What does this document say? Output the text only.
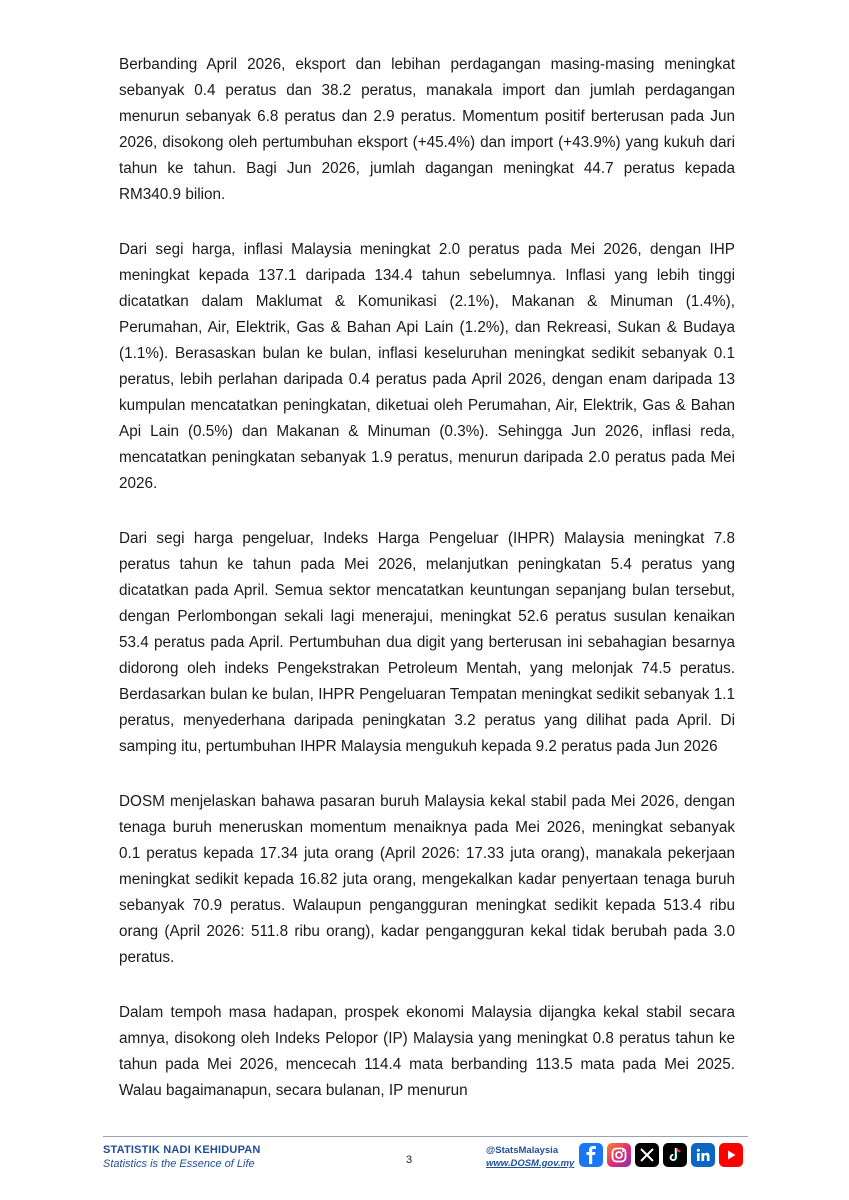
Berbanding April 2026, eksport dan lebihan perdagangan masing-masing meningkat sebanyak 0.4 peratus dan 38.2 peratus, manakala import dan jumlah perdagangan menurun sebanyak 6.8 peratus dan 2.9 peratus. Momentum positif berterusan pada Jun 2026, disokong oleh pertumbuhan eksport (+45.4%) dan import (+43.9%) yang kukuh dari tahun ke tahun. Bagi Jun 2026, jumlah dagangan meningkat 44.7 peratus kepada RM340.9 bilion.

Dari segi harga, inflasi Malaysia meningkat 2.0 peratus pada Mei 2026, dengan IHP meningkat kepada 137.1 daripada 134.4 tahun sebelumnya. Inflasi yang lebih tinggi dicatatkan dalam Maklumat & Komunikasi (2.1%), Makanan & Minuman (1.4%), Perumahan, Air, Elektrik, Gas & Bahan Api Lain (1.2%), dan Rekreasi, Sukan & Budaya (1.1%). Berasaskan bulan ke bulan, inflasi keseluruhan meningkat sedikit sebanyak 0.1 peratus, lebih perlahan daripada 0.4 peratus pada April 2026, dengan enam daripada 13 kumpulan mencatatkan peningkatan, diketuai oleh Perumahan, Air, Elektrik, Gas & Bahan Api Lain (0.5%) dan Makanan & Minuman (0.3%). Sehingga Jun 2026, inflasi reda, mencatatkan peningkatan sebanyak 1.9 peratus, menurun daripada 2.0 peratus pada Mei 2026.

Dari segi harga pengeluar, Indeks Harga Pengeluar (IHPR) Malaysia meningkat 7.8 peratus tahun ke tahun pada Mei 2026, melanjutkan peningkatan 5.4 peratus yang dicatatkan pada April. Semua sektor mencatatkan keuntungan sepanjang bulan tersebut, dengan Perlombongan sekali lagi menerajui, meningkat 52.6 peratus susulan kenaikan 53.4 peratus pada April. Pertumbuhan dua digit yang berterusan ini sebahagian besarnya didorong oleh indeks Pengekstrakan Petroleum Mentah, yang melonjak 74.5 peratus. Berdasarkan bulan ke bulan, IHPR Pengeluaran Tempatan meningkat sedikit sebanyak 1.1 peratus, menyederhana daripada peningkatan 3.2 peratus yang dilihat pada April. Di samping itu, pertumbuhan IHPR Malaysia mengukuh kepada 9.2 peratus pada Jun 2026

DOSM menjelaskan bahawa pasaran buruh Malaysia kekal stabil pada Mei 2026, dengan tenaga buruh meneruskan momentum menaiknya pada Mei 2026, meningkat sebanyak 0.1 peratus kepada 17.34 juta orang (April 2026: 17.33 juta orang), manakala pekerjaan meningkat sedikit kepada 16.82 juta orang, mengekalkan kadar penyertaan tenaga buruh sebanyak 70.9 peratus. Walaupun pengangguran meningkat sedikit kepada 513.4 ribu orang (April 2026: 511.8 ribu orang), kadar pengangguran kekal tidak berubah pada 3.0 peratus.

Dalam tempoh masa hadapan, prospek ekonomi Malaysia dijangka kekal stabil secara amnya, disokong oleh Indeks Pelopor (IP) Malaysia yang meningkat 0.8 peratus tahun ke tahun pada Mei 2026, mencecah 114.4 mata berbanding 113.5 mata pada Mei 2025. Walau bagaimanapun, secara bulanan, IP menurun

STATISTIK NADI KEHIDUPAN
Statistics is the Essence of Life	3
@StatsMalaysia
www.DOSM.gov.my
